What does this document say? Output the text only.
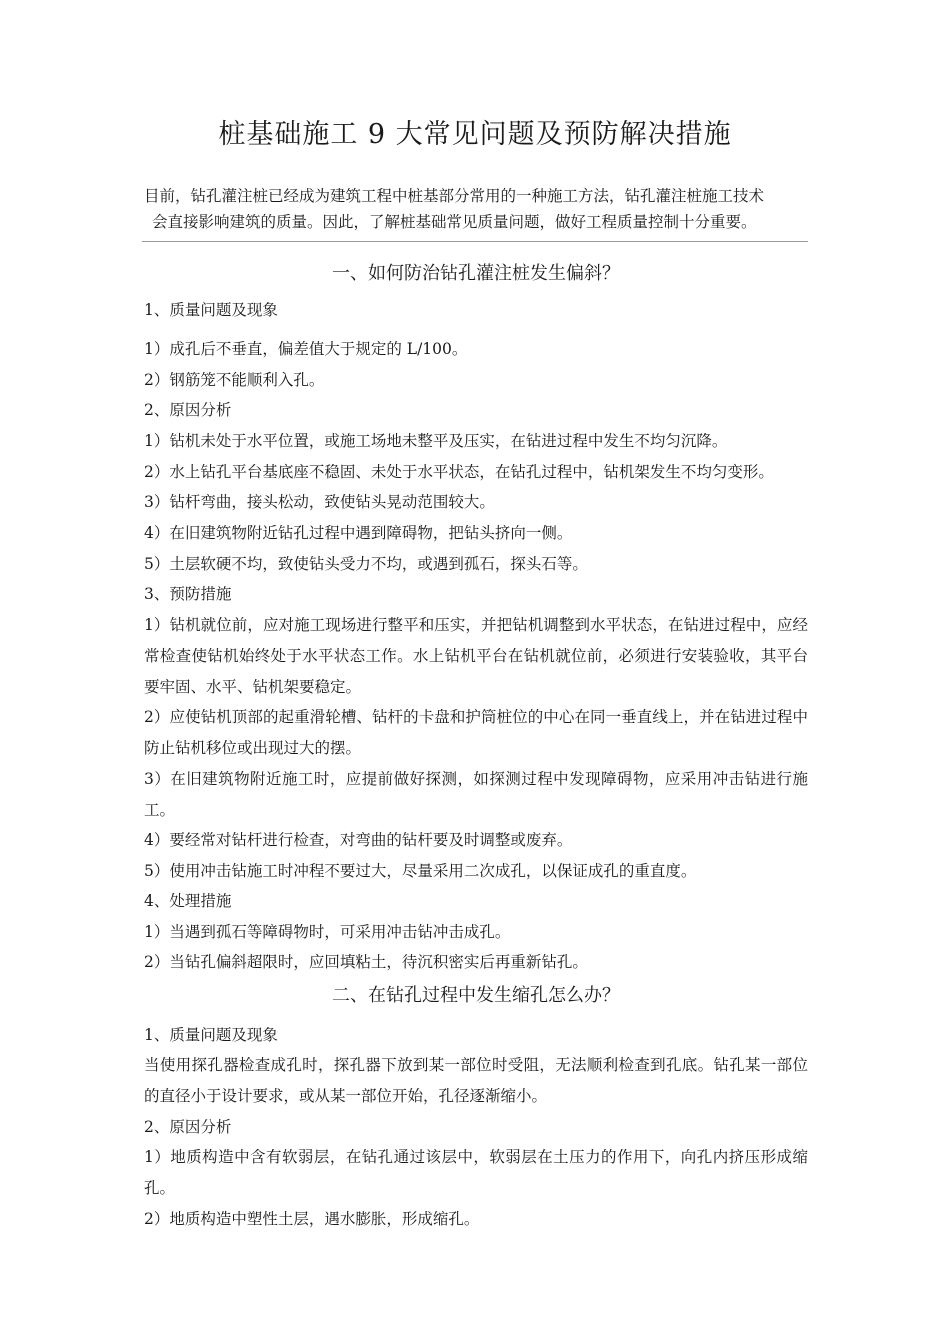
桩基础施工 9 大常见问题及预防解决措施
目前，钻孔灌注桩已经成为建筑工程中桩基部分常用的一种施工方法，钻孔灌注桩施工技术
会直接影响建筑的质量。因此，了解桩基础常见质量问题，做好工程质量控制十分重要。
一、如何防治钻孔灌注桩发生偏斜？
1、质量问题及现象
1）成孔后不垂直，偏差值大于规定的 L/100。
2）钢筋笼不能顺利入孔。
2、原因分析
1）钻机未处于水平位置，或施工场地未整平及压实，在钻进过程中发生不均匀沉降。
2）水上钻孔平台基底座不稳固、未处于水平状态，在钻孔过程中，钻机架发生不均匀变形。
3）钻杆弯曲，接头松动，致使钻头晃动范围较大。
4）在旧建筑物附近钻孔过程中遇到障碍物，把钻头挤向一侧。
5）土层软硬不均，致使钻头受力不均，或遇到孤石，探头石等。
3、预防措施
1）钻机就位前，应对施工现场进行整平和压实，并把钻机调整到水平状态，在钻进过程中，应经常检查使钻机始终处于水平状态工作。水上钻机平台在钻机就位前，必须进行安装验收，其平台要牢固、水平、钻机架要稳定。
2）应使钻机顶部的起重滑轮槽、钻杆的卡盘和护筒桩位的中心在同一垂直线上，并在钻进过程中防止钻机移位或出现过大的摆。
3）在旧建筑物附近施工时，应提前做好探测，如探测过程中发现障碍物，应采用冲击钻进行施工。
4）要经常对钻杆进行检查，对弯曲的钻杆要及时调整或废弃。
5）使用冲击钻施工时冲程不要过大，尽量采用二次成孔，以保证成孔的重直度。
4、处理措施
1）当遇到孤石等障碍物时，可采用冲击钻冲击成孔。
2）当钻孔偏斜超限时，应回填粘土，待沉积密实后再重新钻孔。
二、在钻孔过程中发生缩孔怎么办？
1、质量问题及现象
当使用探孔器检查成孔时，探孔器下放到某一部位时受阻，无法顺利检查到孔底。钻孔某一部位的直径小于设计要求，或从某一部位开始，孔径逐渐缩小。
2、原因分析
1）地质构造中含有软弱层，在钻孔通过该层中，软弱层在土压力的作用下，向孔内挤压形成缩孔。
2）地质构造中塑性土层，遇水膨胀，形成缩孔。
